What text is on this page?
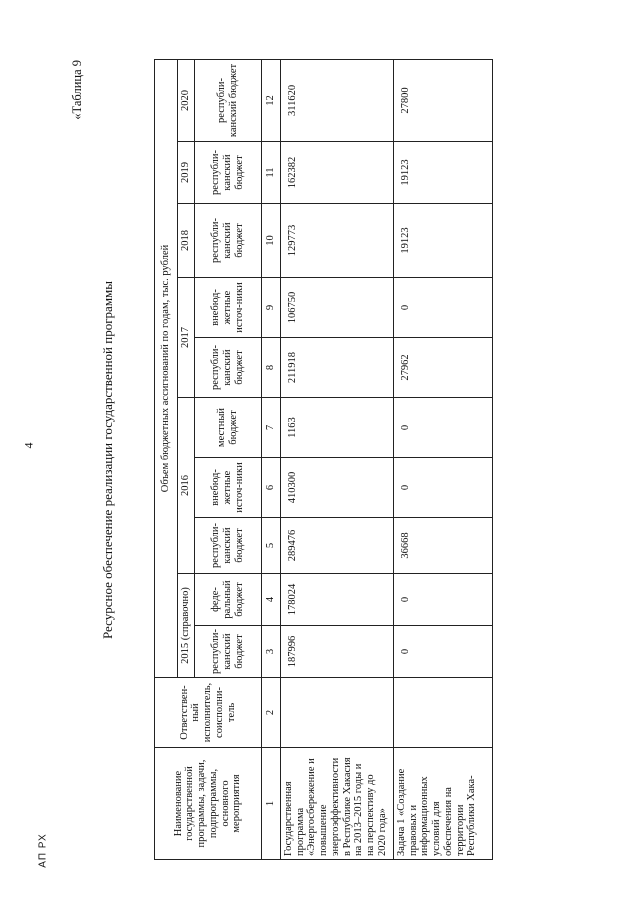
4
АП РХ
«Таблица 9
Ресурсное обеспечение реализации государственной программы
Наименование государственной программы, задачи, подпрограммы, основного мероприятия	Ответствен-ный исполнитель, соисполни-тель	Объем бюджетных ассигнований по годам, тыс. рублей									
		2015 (справочно)		2016			2017		2018	2019	2020
		республи-канский бюджет	феде-ральный бюджет	республи-канский бюджет	внебюд-жетные источ-ники	местный бюджет	республи-канский бюджет	внебюд-жетные источ-ники	республи-канский бюджет	республи-канский бюджет	республи-канский бюджет
1	2	3	4	5	6	7	8	9	10	11	12
Государственная программа «Энергосбережение и повышение энергоэффективности в Республике Хакасия на 2013–2015 годы и на перспективу до 2020 года»		187996	178024	289476	410300	1163	211918	106750	129773	162382	311620
Задача 1 «Создание правовых и информационных условий для обеспечения на территории Республики Хака-		0	0	36668	0	0	27962	0	19123	19123	27800
